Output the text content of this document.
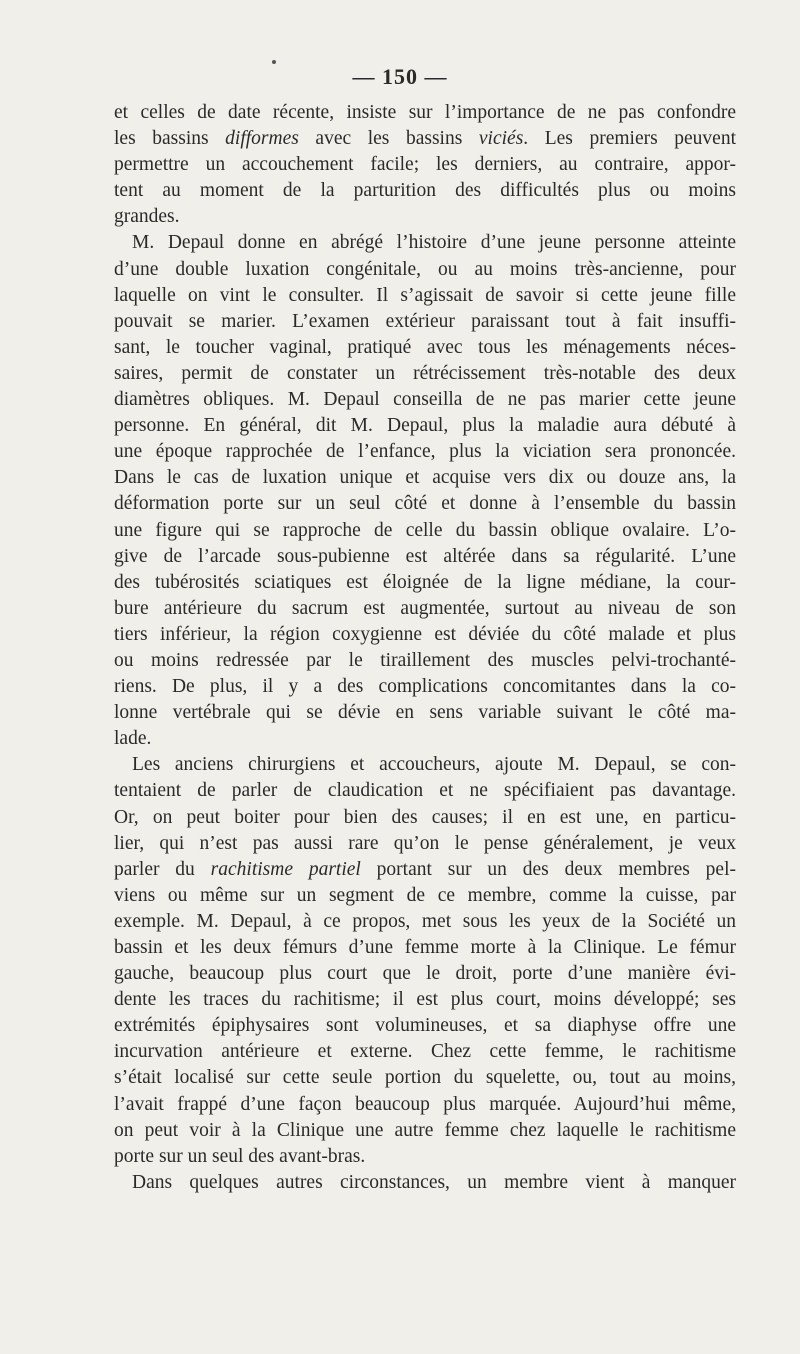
— 150 —
et celles de date récente, insiste sur l’importance de ne pas confondre
les bassins difformes avec les bassins viciés. Les premiers peuvent
permettre un accouchement facile; les derniers, au contraire, appor-
tent au moment de la parturition des difficultés plus ou moins
grandes.
M. Depaul donne en abrégé l’histoire d’une jeune personne atteinte
d’une double luxation congénitale, ou au moins très-ancienne, pour
laquelle on vint le consulter. Il s’agissait de savoir si cette jeune fille
pouvait se marier. L’examen extérieur paraissant tout à fait insuffi-
sant, le toucher vaginal, pratiqué avec tous les ménagements néces-
saires, permit de constater un rétrécissement très-notable des deux
diamètres obliques. M. Depaul conseilla de ne pas marier cette jeune
personne. En général, dit M. Depaul, plus la maladie aura débuté à
une époque rapprochée de l’enfance, plus la viciation sera prononcée.
Dans le cas de luxation unique et acquise vers dix ou douze ans, la
déformation porte sur un seul côté et donne à l’ensemble du bassin
une figure qui se rapproche de celle du bassin oblique ovalaire. L’o-
give de l’arcade sous-pubienne est altérée dans sa régularité. L’une
des tubérosités sciatiques est éloignée de la ligne médiane, la cour-
bure antérieure du sacrum est augmentée, surtout au niveau de son
tiers inférieur, la région coxygienne est déviée du côté malade et plus
ou moins redressée par le tiraillement des muscles pelvi-trochanté-
riens. De plus, il y a des complications concomitantes dans la co-
lonne vertébrale qui se dévie en sens variable suivant le côté ma-
lade.
Les anciens chirurgiens et accoucheurs, ajoute M. Depaul, se con-
tentaient de parler de claudication et ne spécifiaient pas davantage.
Or, on peut boiter pour bien des causes; il en est une, en particu-
lier, qui n’est pas aussi rare qu’on le pense généralement, je veux
parler du rachitisme partiel portant sur un des deux membres pel-
viens ou même sur un segment de ce membre, comme la cuisse, par
exemple. M. Depaul, à ce propos, met sous les yeux de la Société un
bassin et les deux fémurs d’une femme morte à la Clinique. Le fémur
gauche, beaucoup plus court que le droit, porte d’une manière évi-
dente les traces du rachitisme; il est plus court, moins développé; ses
extrémités épiphysaires sont volumineuses, et sa diaphyse offre une
incurvation antérieure et externe. Chez cette femme, le rachitisme
s’était localisé sur cette seule portion du squelette, ou, tout au moins,
l’avait frappé d’une façon beaucoup plus marquée. Aujourd’hui même,
on peut voir à la Clinique une autre femme chez laquelle le rachitisme
porte sur un seul des avant-bras.
Dans quelques autres circonstances, un membre vient à manquer
